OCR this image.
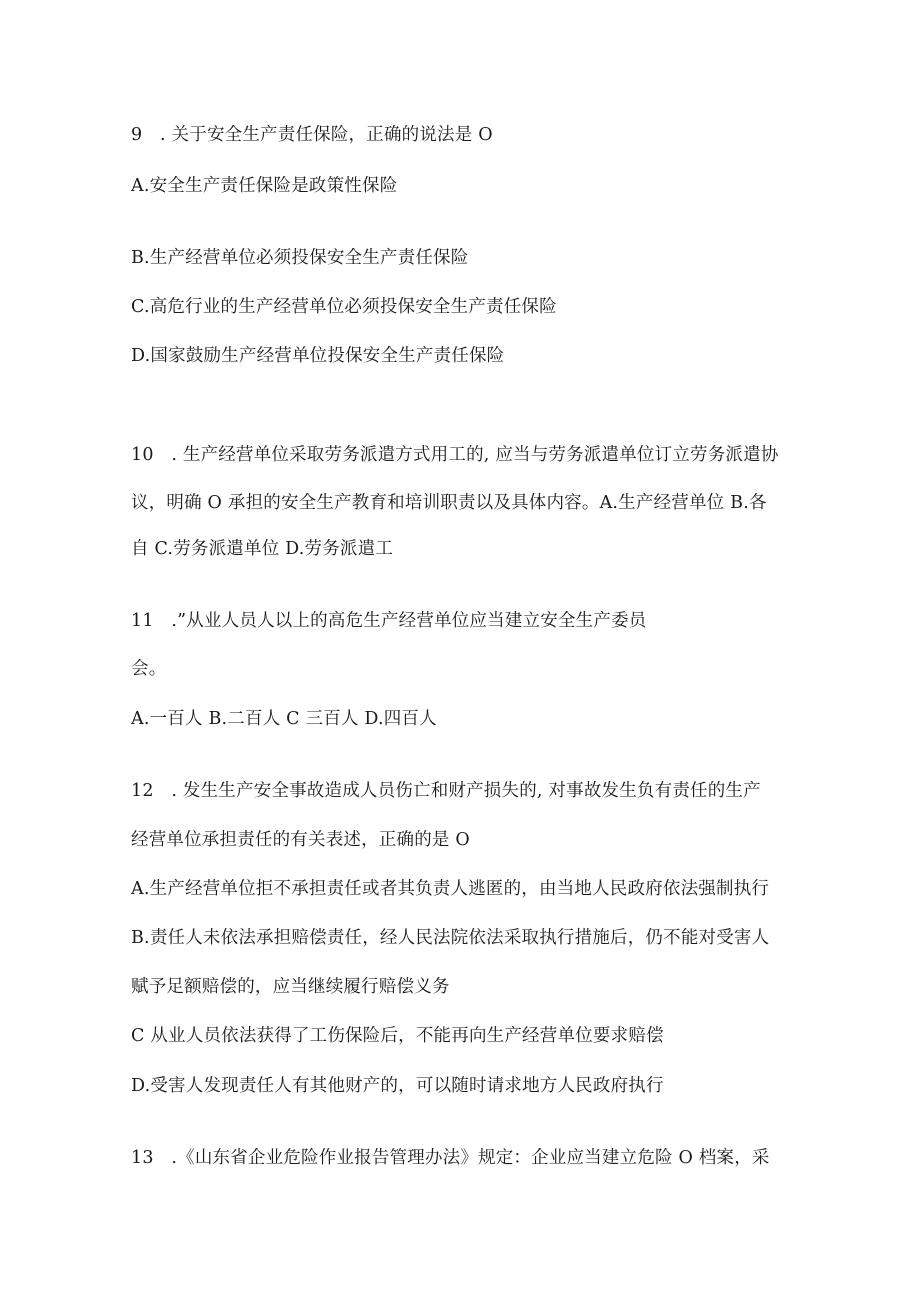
9　. 关于安全生产责任保险，正确的说法是 O
A.安全生产责任保险是政策性保险
B.生产经营单位必须投保安全生产责任保险
C.高危行业的生产经营单位必须投保安全生产责任保险
D.国家鼓励生产经营单位投保安全生产责任保险
10　. 生产经营单位采取劳务派遣方式用工的, 应当与劳务派遣单位订立劳务派遣协
议，明确 O 承担的安全生产教育和培训职责以及具体内容。A.生产经营单位 B.各
自 C.劳务派遣单位 D.劳务派遣工
11　.”从业人员人以上的高危生产经营单位应当建立安全生产委员
会。
A.一百人 B.二百人 C 三百人 D.四百人
12　. 发生生产安全事故造成人员伤亡和财产损失的, 对事故发生负有责任的生产
经营单位承担责任的有关表述，正确的是 O
A.生产经营单位拒不承担责任或者其负责人逃匿的，由当地人民政府依法强制执行
B.责任人未依法承担赔偿责任，经人民法院依法采取执行措施后，仍不能对受害人
赋予足额赔偿的，应当继续履行赔偿义务
C 从业人员依法获得了工伤保险后，不能再向生产经营单位要求赔偿
D.受害人发现责任人有其他财产的，可以随时请求地方人民政府执行
13　.《山东省企业危险作业报告管理办法》规定：企业应当建立危险 O 档案，采
